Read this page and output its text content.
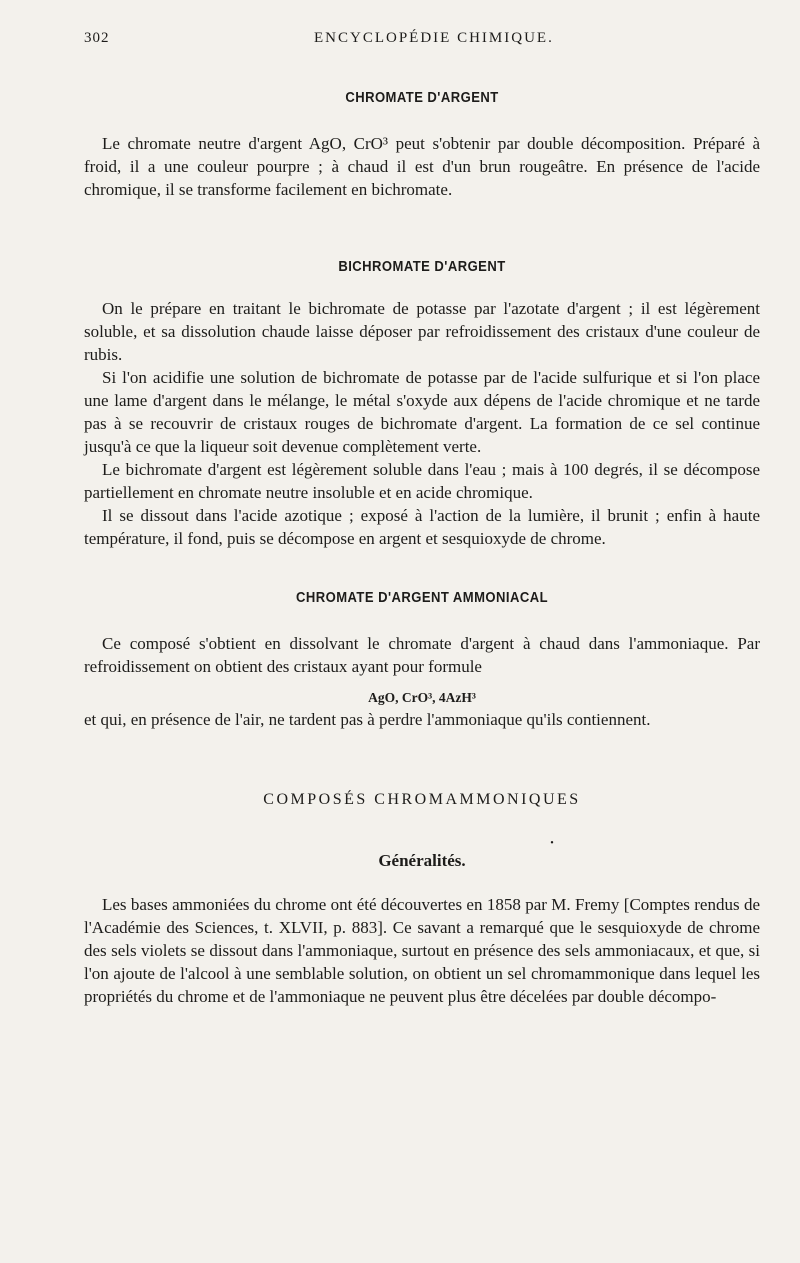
302	ENCYCLOPÉDIE CHIMIQUE.
CHROMATE D'ARGENT

Le chromate neutre d'argent AgO, CrO³ peut s'obtenir par double décomposition. Préparé à froid, il a une couleur pourpre ; à chaud il est d'un brun rougeâtre. En présence de l'acide chromique, il se transforme facilement en bichromate.

BICHROMATE D'ARGENT

On le prépare en traitant le bichromate de potasse par l'azotate d'argent ; il est légèrement soluble, et sa dissolution chaude laisse déposer par refroidissement des cristaux d'une couleur de rubis.

Si l'on acidifie une solution de bichromate de potasse par de l'acide sulfurique et si l'on place une lame d'argent dans le mélange, le métal s'oxyde aux dépens de l'acide chromique et ne tarde pas à se recouvrir de cristaux rouges de bichromate d'argent. La formation de ce sel continue jusqu'à ce que la liqueur soit devenue complètement verte.

Le bichromate d'argent est légèrement soluble dans l'eau ; mais à 100 degrés, il se décompose partiellement en chromate neutre insoluble et en acide chromique.

Il se dissout dans l'acide azotique ; exposé à l'action de la lumière, il brunit ; enfin à haute température, il fond, puis se décompose en argent et sesquioxyde de chrome.

CHROMATE D'ARGENT AMMONIACAL

Ce composé s'obtient en dissolvant le chromate d'argent à chaud dans l'ammoniaque. Par refroidissement on obtient des cristaux ayant pour formule

AgO, CrO³, 4AzH³

et qui, en présence de l'air, ne tardent pas à perdre l'ammoniaque qu'ils contiennent.

COMPOSÉS CHROMAMMONIQUES
•
Généralités.

Les bases ammoniées du chrome ont été découvertes en 1858 par M. Fremy [Comptes rendus de l'Académie des Sciences, t. XLVII, p. 883]. Ce savant a remarqué que le sesquioxyde de chrome des sels violets se dissout dans l'ammoniaque, surtout en présence des sels ammoniacaux, et que, si l'on ajoute de l'alcool à une semblable solution, on obtient un sel chromammonique dans lequel les propriétés du chrome et de l'ammoniaque ne peuvent plus être décelées par double décompo-
